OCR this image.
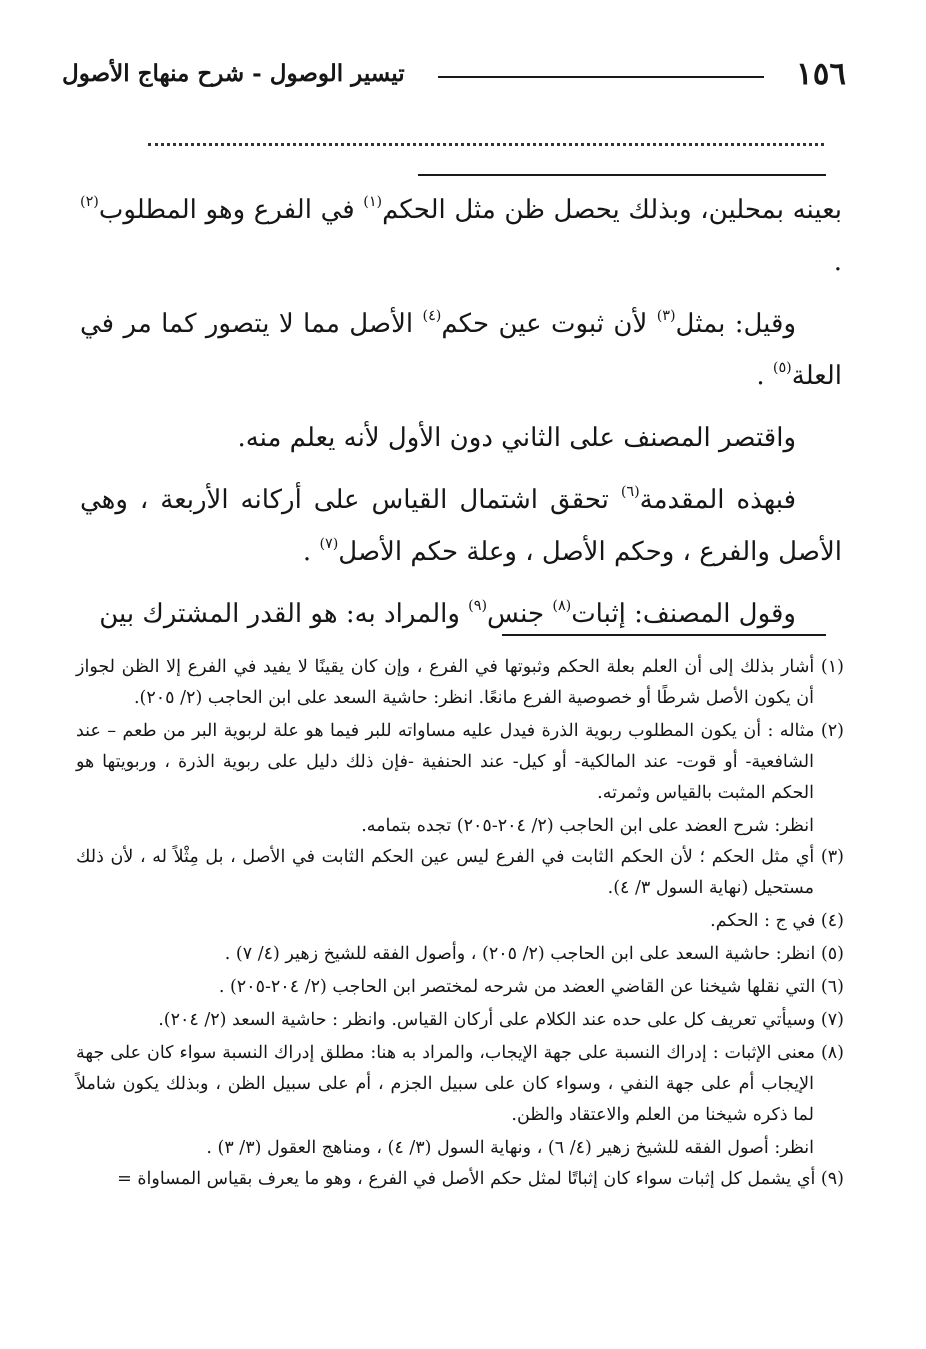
١٥٦
تيسير الوصول - شرح منهاج الأصول

بعينه بمحلين، وبذلك يحصل ظن مثل الحكم$^{(١)}$ في الفرع وهو المطلوب$^{(٢)}$ .

وقيل: بمثل$^{(٣)}$ لأن ثبوت عين حكم$^{(٤)}$ الأصل مما لا يتصور كما مر في العلة$^{(٥)}$ .

واقتصر المصنف على الثاني دون الأول لأنه يعلم منه.

فبهذه المقدمة$^{(٦)}$ تحقق اشتمال القياس على أركانه الأربعة ، وهي الأصل والفرع ، وحكم الأصل ، وعلة حكم الأصل$^{(٧)}$ .

وقول المصنف: إثبات$^{(٨)}$ جنس$^{(٩)}$ والمراد به: هو القدر المشترك بين

(١) أشار بذلك إلى أن العلم بعلة الحكم وثبوتها في الفرع ، وإن كان يقينًا لا يفيد في الفرع إلا الظن لجواز أن يكون الأصل شرطًا أو خصوصية الفرع مانعًا. انظر: حاشية السعد على ابن الحاجب (٢/ ٢٠٥).
(٢) مثاله : أن يكون المطلوب ربوية الذرة فيدل عليه مساواته للبر فيما هو علة لربوية البر من طعم – عند الشافعية- أو قوت- عند المالكية- أو كيل- عند الحنفية -فإن ذلك دليل على ربوية الذرة ، وربويتها هو الحكم المثبت بالقياس وثمرته.
انظر: شرح العضد على ابن الحاجب (٢/ ٢٠٤-٢٠٥) تجده بتمامه.
(٣) أي مثل الحكم ؛ لأن الحكم الثابت في الفرع ليس عين الحكم الثابت في الأصل ، بل مِثْلاً له ، لأن ذلك مستحيل (نهاية السول ٣/ ٤).
(٤) في ج : الحكم.
(٥) انظر: حاشية السعد على ابن الحاجب (٢/ ٢٠٥) ، وأصول الفقه للشيخ زهير (٤/ ٧) .
(٦) التي نقلها شيخنا عن القاضي العضد من شرحه لمختصر ابن الحاجب (٢/ ٢٠٤-٢٠٥) .
(٧) وسيأتي تعريف كل على حده عند الكلام على أركان القياس. وانظر : حاشية السعد (٢/ ٢٠٤).
(٨) معنى الإثبات : إدراك النسبة على جهة الإيجاب، والمراد به هنا: مطلق إدراك النسبة سواء كان على جهة الإيجاب أم على جهة النفي ، وسواء كان على سبيل الجزم ، أم على سبيل الظن ، وبذلك يكون شاملاً لما ذكره شيخنا من العلم والاعتقاد والظن.
انظر: أصول الفقه للشيخ زهير (٤/ ٦) ، ونهاية السول (٣/ ٤) ، ومناهج العقول (٣/ ٣) .
(٩) أي يشمل كل إثبات سواء كان إثباتًا لمثل حكم الأصل في الفرع ، وهو ما يعرف بقياس المساواة =
